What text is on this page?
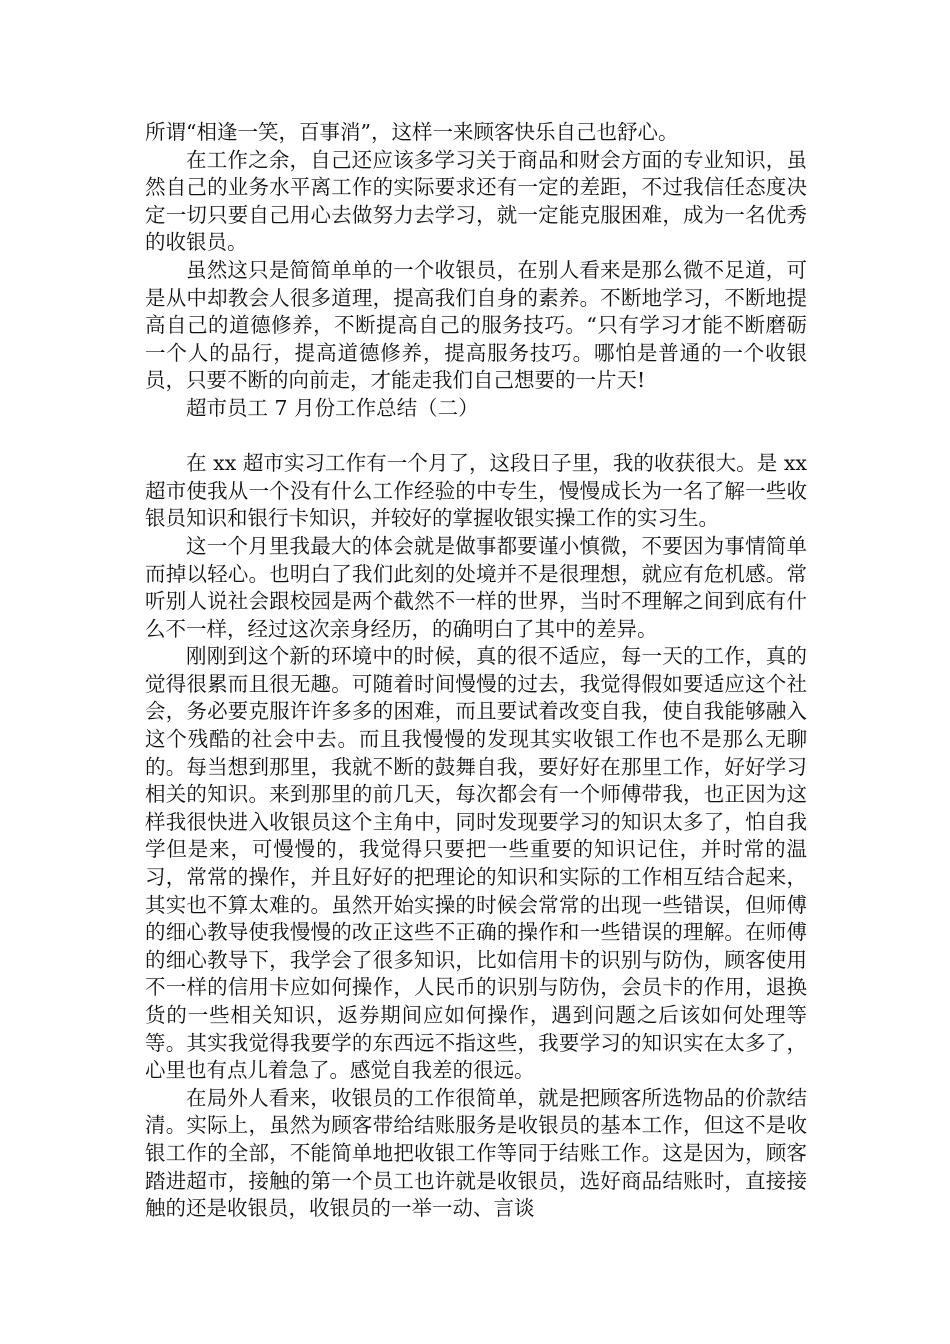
所谓“相逢一笑，百事消”，这样一来顾客快乐自己也舒心。

在工作之余，自己还应该多学习关于商品和财会方面的专业知识，虽然自己的业务水平离工作的实际要求还有一定的差距，不过我信任态度决定一切只要自己用心去做努力去学习，就一定能克服困难，成为一名优秀的收银员。

虽然这只是简简单单的一个收银员，在别人看来是那么微不足道，可是从中却教会人很多道理，提高我们自身的素养。不断地学习，不断地提高自己的道德修养，不断提高自己的服务技巧。“只有学习才能不断磨砺一个人的品行，提高道德修养，提高服务技巧。哪怕是普通的一个收银员，只要不断的向前走，才能走我们自己想要的一片天!

超市员工 7 月份工作总结（二）

在 xx 超市实习工作有一个月了，这段日子里，我的收获很大。是 xx 超市使我从一个没有什么工作经验的中专生，慢慢成长为一名了解一些收银员知识和银行卡知识，并较好的掌握收银实操工作的实习生。

这一个月里我最大的体会就是做事都要谨小慎微，不要因为事情简单而掉以轻心。也明白了我们此刻的处境并不是很理想，就应有危机感。常听别人说社会跟校园是两个截然不一样的世界，当时不理解之间到底有什么不一样，经过这次亲身经历，的确明白了其中的差异。

刚刚到这个新的环境中的时候，真的很不适应，每一天的工作，真的觉得很累而且很无趣。可随着时间慢慢的过去，我觉得假如要适应这个社会，务必要克服许许多多的困难，而且要试着改变自我，使自我能够融入这个残酷的社会中去。而且我慢慢的发现其实收银工作也不是那么无聊的。每当想到那里，我就不断的鼓舞自我，要好好在那里工作，好好学习相关的知识。来到那里的前几天，每次都会有一个师傅带我，也正因为这样我很快进入收银员这个主角中，同时发现要学习的知识太多了，怕自我学但是来，可慢慢的，我觉得只要把一些重要的知识记住，并时常的温习，常常的操作，并且好好的把理论的知识和实际的工作相互结合起来，其实也不算太难的。虽然开始实操的时候会常常的出现一些错误，但师傅的细心教导使我慢慢的改正这些不正确的操作和一些错误的理解。在师傅的细心教导下，我学会了很多知识，比如信用卡的识别与防伪，顾客使用不一样的信用卡应如何操作，人民币的识别与防伪，会员卡的作用，退换货的一些相关知识，返券期间应如何操作，遇到问题之后该如何处理等等。其实我觉得我要学的东西远不指这些，我要学习的知识实在太多了，心里也有点儿着急了。感觉自我差的很远。

在局外人看来，收银员的工作很简单，就是把顾客所选物品的价款结清。实际上，虽然为顾客带给结账服务是收银员的基本工作，但这不是收银工作的全部，不能简单地把收银工作等同于结账工作。这是因为，顾客踏进超市，接触的第一个员工也许就是收银员，选好商品结账时，直接接触的还是收银员，收银员的一举一动、言谈
